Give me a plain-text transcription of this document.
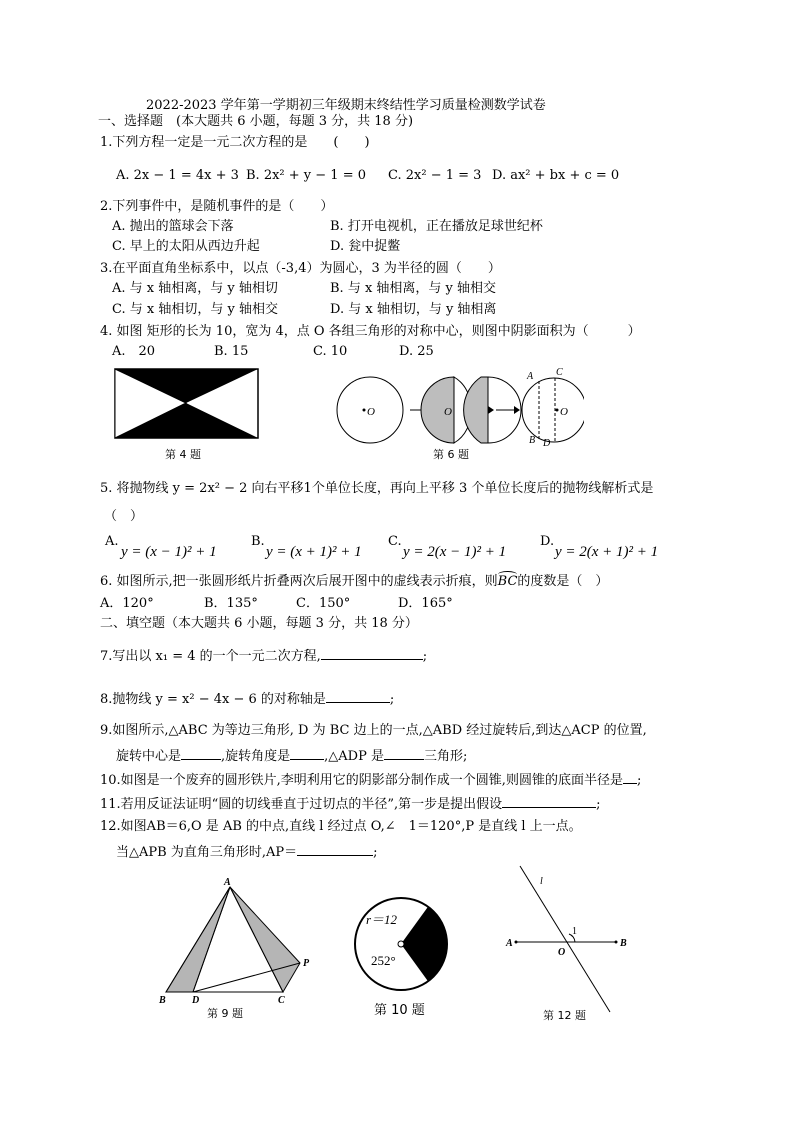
2022-2023 学年第一学期初三年级期末终结性学习质量检测数学试卷
一、选择题　(本大题共 6 小题，每题 3 分，共 18 分)
1.下列方程一定是一元二次方程的是　　(　　)
A. 2x − 1 = 4x + 3 B. 2x² + y − 1 = 0 C. 2x² − 1 = 3 D. ax² + bx + c = 0
2.下列事件中，是随机事件的是（　　）
A. 抛出的篮球会下落	B. 打开电视机，正在播放足球世纪杯
C. 早上的太阳从西边升起	D. 瓮中捉鳖
3.在平面直角坐标系中，以点（-3,4）为圆心，3 为半径的圆（　　）
A. 与 x 轴相离，与 y 轴相切	B. 与 x 轴相离，与 y 轴相交
C. 与 x 轴相切，与 y 轴相交	D. 与 x 轴相切，与 y 轴相离
4. 如图 矩形的长为 10，宽为 4，点 O 各组三角形的对称中心，则图中阴影面积为（　　　）
A.　20	B. 15	C. 10	D. 25
O
第 4 题
O	O
A C
B D
O
第 6 题
5. 将抛物线 y = 2x² − 2 向右平移1个单位长度，再向上平移 3 个单位长度后的抛物线解析式是
（　）
A.
y = (x − 1)² + 1
B.
y = (x + 1)² + 1
C.
y = 2(x − 1)² + 1
D.
y = 2(x + 1)² + 1
6. 如图所示,把一张圆形纸片折叠两次后展开图中的虚线表示折痕，则
BC的度数是（　）
A．120°	B．135°	C．150°	D．165°
二、填空题（本大题共 6 小题，每题 3 分，共 18 分）
7.写出以 x₁ = 4 的一个一元二次方程,	;
8.抛物线 y = x² − 4x − 6 的对称轴是	;
9.如图所示,△ABC 为等边三角形, D 为 BC 边上的一点,△ABD 经过旋转后,到达△ACP 的位置,
旋转中心是	,旋转角度是	,△ADP 是	三角形;
10.如图是一个废弃的圆形铁片,李明利用它的阴影部分制作成一个圆锥,则圆锥的底面半径是 ;
11.若用反证法证明“圆的切线垂直于过切点的半径”,第一步是提出假设	;
12.如图AB＝6,O 是 AB 的中点,直线 l 经过点 O,∠　1＝120°,P 是直线 l 上一点。
当△APB 为直角三角形时,AP＝	;
A
B	D	C
P
第 9 题
r＝12
252°
第 10 题
l
A	B
O
1
第 12 题
